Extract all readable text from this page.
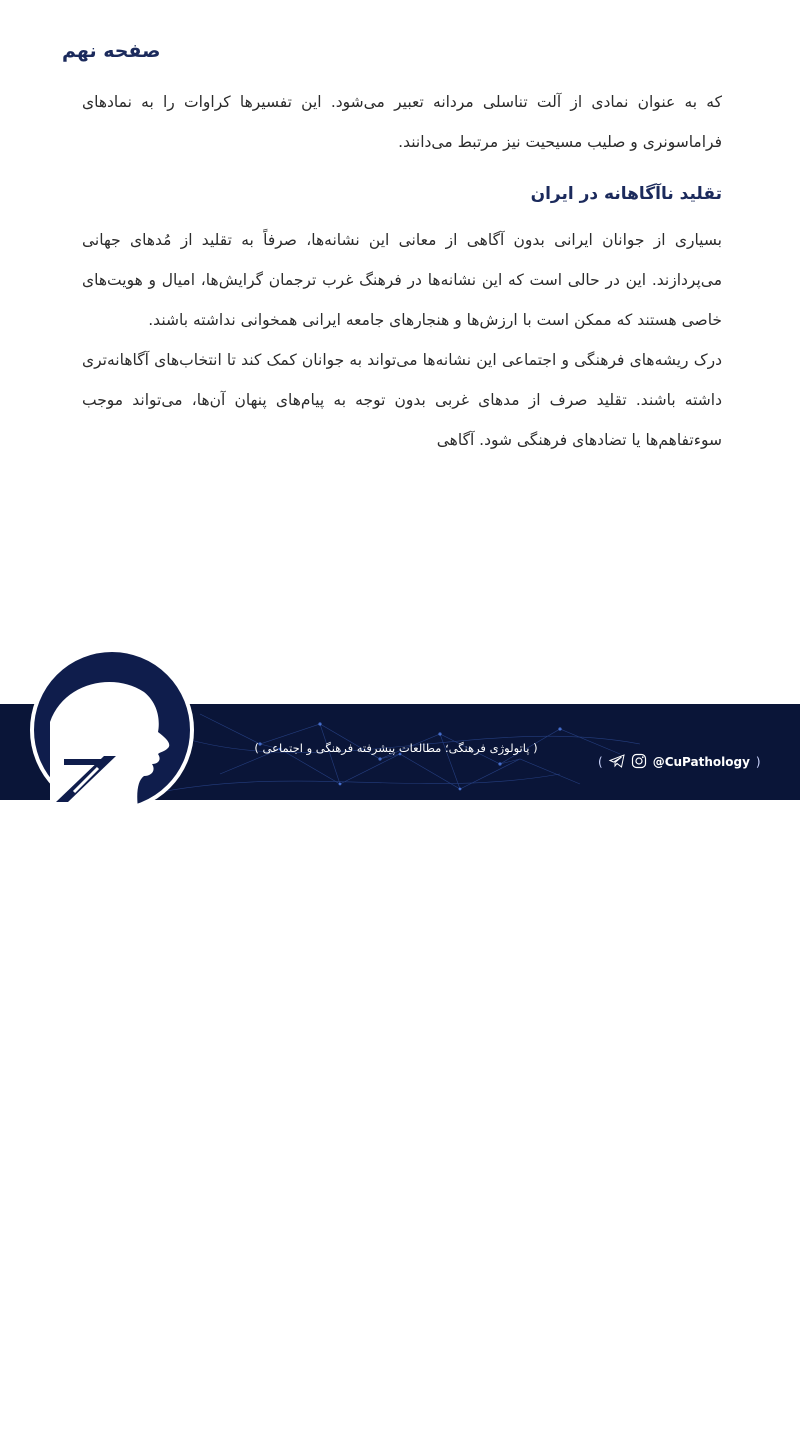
صفحه نهم

که به عنوان نمادی از آلت تناسلی مردانه تعبیر می‌شود. این تفسیرها کراوات را به نمادهای فراماسونری و صلیب مسیحیت نیز مرتبط می‌دانند.

تقلید ناآگاهانه در ایران

بسیاری از جوانان ایرانی بدون آگاهی از معانی این نشانه‌ها، صرفاً به تقلید از مُدهای جهانی می‌پردازند. این در حالی است که این نشانه‌ها در فرهنگ غرب ترجمان گرایش‌ها، امیال و هویت‌های خاصی هستند که ممکن است با ارزش‌ها و هنجارهای جامعه ایرانی همخوانی نداشته باشند.

درک ریشه‌های فرهنگی و اجتماعی این نشانه‌ها می‌تواند به جوانان کمک کند تا انتخاب‌های آگاهانه‌تری داشته باشند. تقلید صرف از مدهای غربی بدون توجه به پیام‌های پنهان آن‌ها، می‌تواند موجب سوءتفاهم‌ها یا تضادهای فرهنگی شود. آگاهی

پاتــــولوژی فرهنگی
( پاتولوژی فرهنگی؛ مطالعات پیشرفته فرهنگی و اجتماعی )
(	@CuPathology )
